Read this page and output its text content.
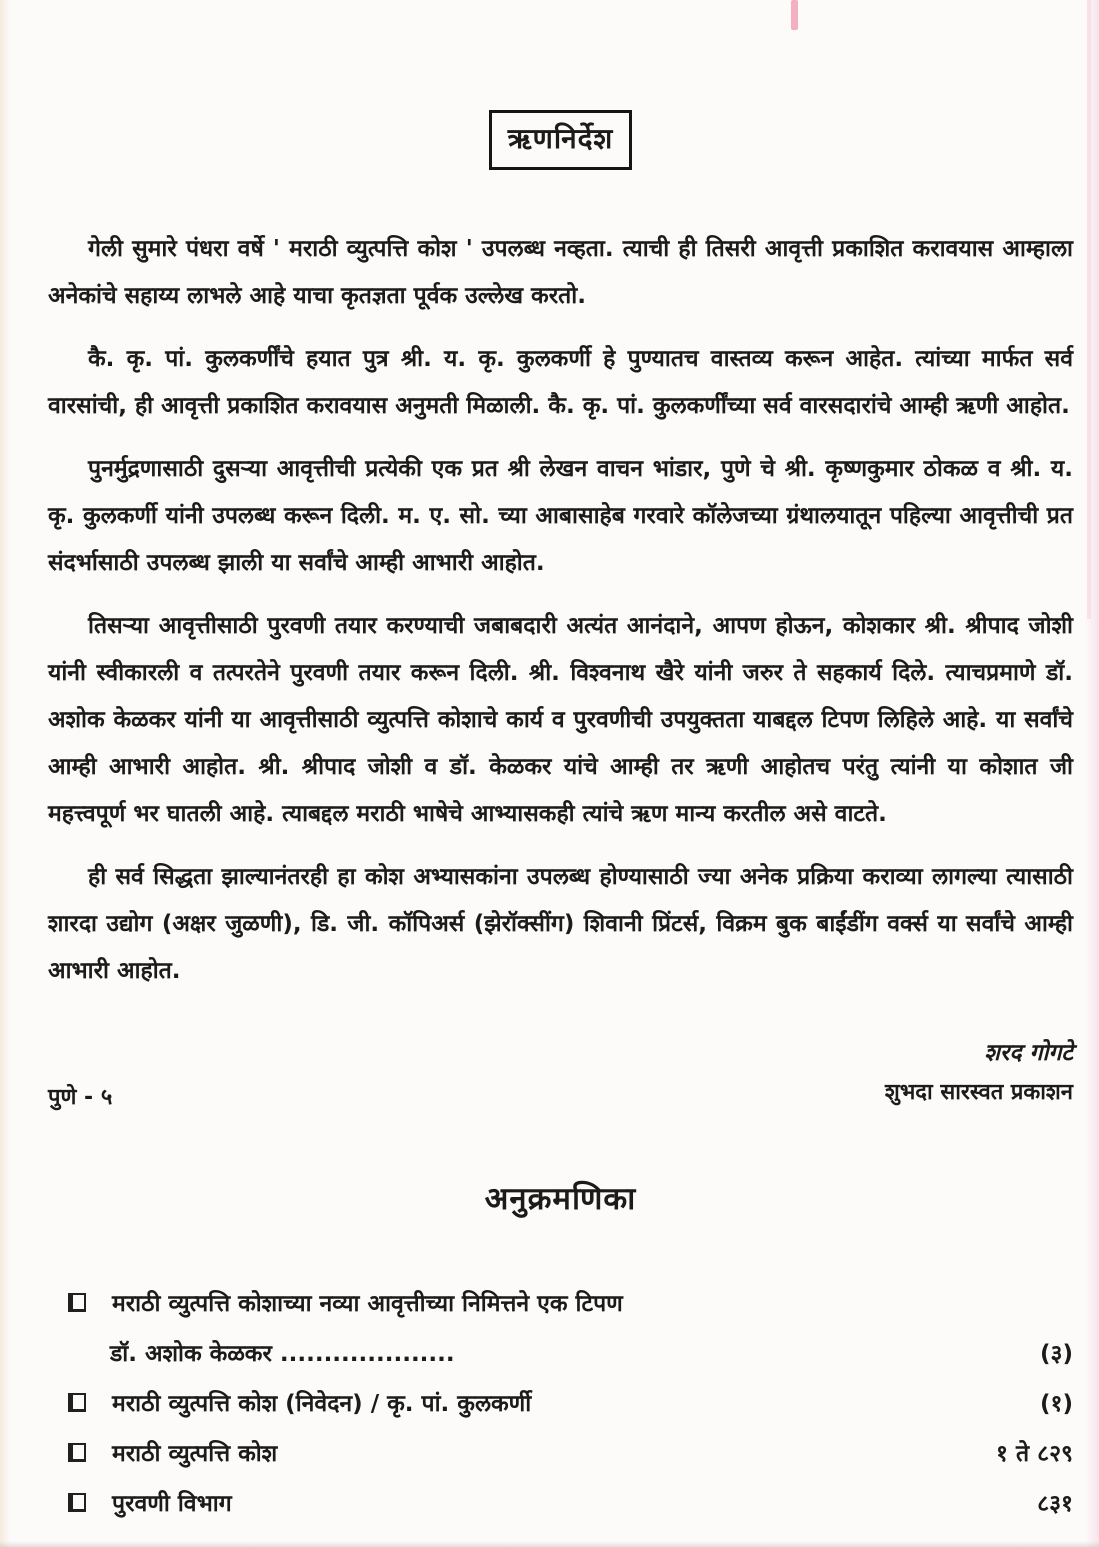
ऋणनिर्देश

गेली सुमारे पंधरा वर्षे ' मराठी व्युत्पत्ति कोश ' उपलब्ध नव्हता. त्याची ही तिसरी आवृत्ती प्रकाशित करावयास आम्हाला अनेकांचे सहाय्य लाभले आहे याचा कृतज्ञता पूर्वक उल्लेख करतो.

कै. कृ. पां. कुलकर्णींचे हयात पुत्र श्री. य. कृ. कुलकर्णी हे पुण्यातच वास्तव्य करून आहेत. त्यांच्या मार्फत सर्व वारसांची, ही आवृत्ती प्रकाशित करावयास अनुमती मिळाली. कै. कृ. पां. कुलकर्णींच्या सर्व वारसदारांचे आम्ही ऋणी आहोत.

पुनर्मुद्रणासाठी दुसऱ्या आवृत्तीची प्रत्येकी एक प्रत श्री लेखन वाचन भांडार, पुणे चे श्री. कृष्णकुमार ठोकळ व श्री. य. कृ. कुलकर्णी यांनी उपलब्ध करून दिली. म. ए. सो. च्या आबासाहेब गरवारे कॉलेजच्या ग्रंथालयातून पहिल्या आवृत्तीची प्रत संदर्भासाठी उपलब्ध झाली या सर्वांचे आम्ही आभारी आहोत.

तिसऱ्या आवृत्तीसाठी पुरवणी तयार करण्याची जबाबदारी अत्यंत आनंदाने, आपण होऊन, कोशकार श्री. श्रीपाद जोशी यांनी स्वीकारली व तत्परतेने पुरवणी तयार करून दिली. श्री. विश्वनाथ खैरे यांनी जरुर ते सहकार्य दिले. त्याचप्रमाणे डॉ. अशोक केळकर यांनी या आवृत्तीसाठी व्युत्पत्ति कोशाचे कार्य व पुरवणीची उपयुक्तता याबद्दल टिपण लिहिले आहे. या सर्वांचे आम्ही आभारी आहोत. श्री. श्रीपाद जोशी व डॉ. केळकर यांचे आम्ही तर ऋणी आहोतच परंतु त्यांनी या कोशात जी महत्त्वपूर्ण भर घातली आहे. त्याबद्दल मराठी भाषेचे आभ्यासकही त्यांचे ऋण मान्य करतील असे वाटते.

ही सर्व सिद्धता झाल्यानंतरही हा कोश अभ्यासकांना उपलब्ध होण्यासाठी ज्या अनेक प्रक्रिया कराव्या लागल्या त्यासाठी शारदा उद्योग (अक्षर जुळणी), डि. जी. कॉपिअर्स (झेरॉक्सींग) शिवानी प्रिंटर्स, विक्रम बुक बाईंडींग वर्क्स या सर्वांचे आम्ही आभारी आहोत.

पुणे - ५
शरद गोगटे
शुभदा सारस्वत प्रकाशन
अनुक्रमणिका
मराठी व्युत्पत्ति कोशाच्या नव्या आवृत्तीच्या निमित्तने एक टिपण
डॉ. अशोक केळकर ....................	(३)
मराठी व्युत्पत्ति कोश (निवेदन) / कृ. पां. कुलकर्णी	(१)
मराठी व्युत्पत्ति कोश	१ ते ८२९
पुरवणी विभाग	८३१
